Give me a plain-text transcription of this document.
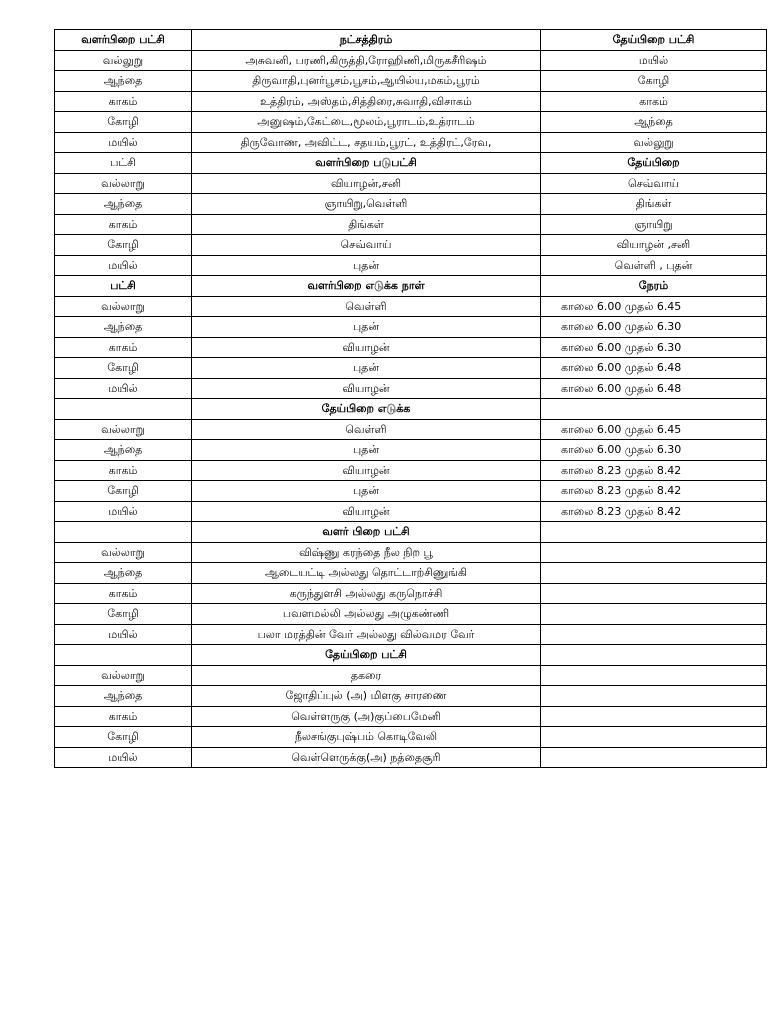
வளர்பிறை பட்சி	நட்சத்திரம்	தேய்பிறை பட்சி
வல்லுறு	அசுவனி, பரணி,கிருத்தி,ரோஹிணி,மிருகசீரிஷம்	மயில்
ஆந்தை	திருவாதி,புனர்பூசம்,பூசம்,ஆயில்ய,மகம்,பூரம்	கோழி
காகம்	உத்திரம், அஸ்தம்,சித்திரை,சுவாதி,விசாகம்	காகம்
கோழி	அனுஷம்,கேட்டை,மூலம்,பூராடம்,உத்ராடம்	ஆந்தை
மயில்	திருவோண, அவிட்ட, சதயம்,பூரட், உத்திரட்,ரேவ,	வல்லுறு
பட்சி	வளர்பிறை படுபட்சி	தேய்பிறை
வல்லாறு	வியாழன்,சனி	செவ்வாய்
ஆந்தை	ஞாயிறு,வெள்ளி	திங்கள்
காகம்	திங்கள்	ஞாயிறு
கோழி	செவ்வாய்	வியாழன் ,சனி
மயில்	புதன்	வெள்ளி , புதன்
பட்சி	வளர்பிறை எடுக்க நாள்	நேரம்
வல்லாறு	வெள்ளி	காலை 6.00 முதல் 6.45
ஆந்தை	புதன்	காலை 6.00 முதல் 6.30
காகம்	வியாழன்	காலை 6.00 முதல் 6.30
கோழி	புதன்	காலை 6.00 முதல் 6.48
மயில்	வியாழன்	காலை 6.00 முதல் 6.48
	தேய்பிறை எடுக்க	
வல்லாறு	வெள்ளி	காலை 6.00 முதல் 6.45
ஆந்தை	புதன்	காலை 6.00 முதல் 6.30
காகம்	வியாழன்	காலை 8.23 முதல் 8.42
கோழி	புதன்	காலை 8.23 முதல் 8.42
மயில்	வியாழன்	காலை 8.23 முதல் 8.42
	வளர் பிறை பட்சி	
வல்லாறு	விஷ்ணு கரந்தை நீல நிற பூ	
ஆந்தை	ஆடையட்டி அல்லது தொட்டாற்சிணுங்கி	
காகம்	கருந்துளசி அல்லது கருநொச்சி	
கோழி	பவளமல்லி அல்லது அழுகண்ணி	
மயில்	பலா மரத்தின் வேர் அல்லது வில்வமர வேர்	
	தேய்பிறை பட்சி	
வல்லாறு	தகரை	
ஆந்தை	ஜோதிப்புல் (அ) மிளகு சாரணை	
காகம்	வெள்ளருகு (அ)குப்பைமேனி	
கோழி	நீலசங்குபுஷ்பம் கொடிவேலி	
மயில்	வெள்ளெருக்கு(அ) நத்தைசூரி	
